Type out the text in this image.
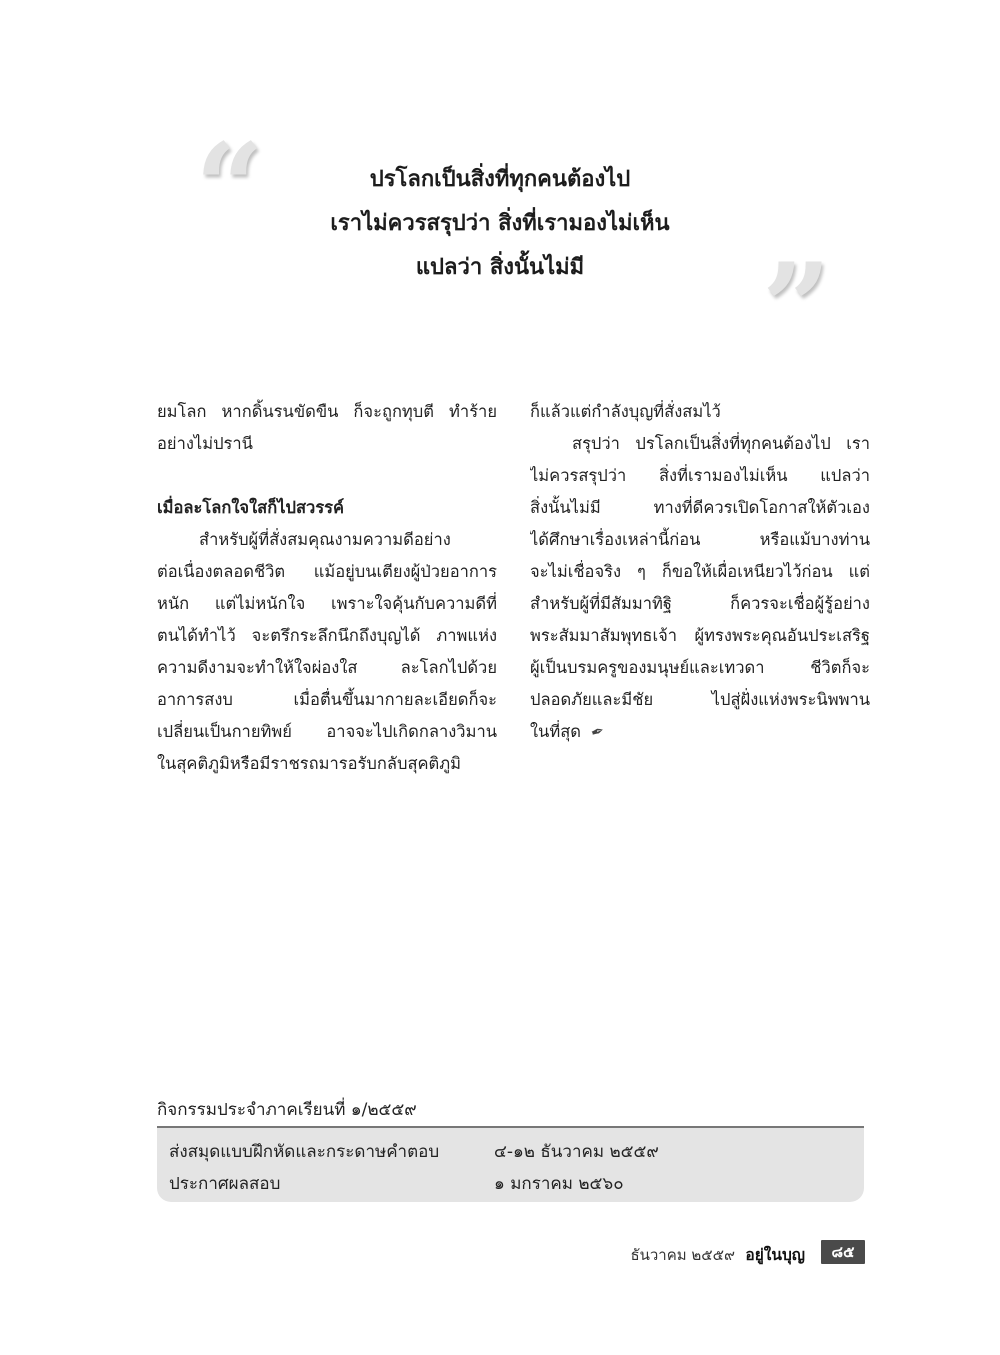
“
”
ปรโลกเป็นสิ่งที่ทุกคนต้องไป
เราไม่ควรสรุปว่า สิ่งที่เรามองไม่เห็น
แปลว่า สิ่งนั้นไม่มี
ยมโลก หากดิ้นรนขัดขืน ก็จะถูกทุบตี ทำร้าย
อย่างไม่ปรานี
เมื่อละโลกใจใสก็ไปสวรรค์
สำหรับผู้ที่สั่งสมคุณงามความดีอย่าง
ต่อเนื่องตลอดชีวิต แม้อยู่บนเตียงผู้ป่วยอาการ
หนัก แต่ไม่หนักใจ เพราะใจคุ้นกับความดีที่
ตนได้ทำไว้ จะตรึกระลึกนึกถึงบุญได้ ภาพแห่ง
ความดีงามจะทำให้ใจผ่องใส ละโลกไปด้วย
อาการสงบ เมื่อตื่นขึ้นมากายละเอียดก็จะ
เปลี่ยนเป็นกายทิพย์ อาจจะไปเกิดกลางวิมาน
ในสุคติภูมิหรือมีราชรถมารอรับกลับสุคติภูมิ
ก็แล้วแต่กำลังบุญที่สั่งสมไว้
สรุปว่า ปรโลกเป็นสิ่งที่ทุกคนต้องไป เรา
ไม่ควรสรุปว่า สิ่งที่เรามองไม่เห็น แปลว่า
สิ่งนั้นไม่มี ทางที่ดีควรเปิดโอกาสให้ตัวเอง
ได้ศึกษาเรื่องเหล่านี้ก่อน หรือแม้บางท่าน
จะไม่เชื่อจริง ๆ ก็ขอให้เผื่อเหนียวไว้ก่อน แต่
สำหรับผู้ที่มีสัมมาทิฐิ ก็ควรจะเชื่อผู้รู้อย่าง
พระสัมมาสัมพุทธเจ้า ผู้ทรงพระคุณอันประเสริฐ
ผู้เป็นบรมครูของมนุษย์และเทวดา ชีวิตก็จะ
ปลอดภัยและมีชัย ไปสู่ฝั่งแห่งพระนิพพาน
ในที่สุด ✒
กิจกรรมประจำภาคเรียนที่ ๑/๒๕๕๙
ส่งสมุดแบบฝึกหัดและกระดาษคำตอบ	๔-๑๒ ธันวาคม ๒๕๕๙
ประกาศผลสอบ	๑ มกราคม ๒๕๖๐
ธันวาคม ๒๕๕๙ อยู่ในบุญ	๘๕
